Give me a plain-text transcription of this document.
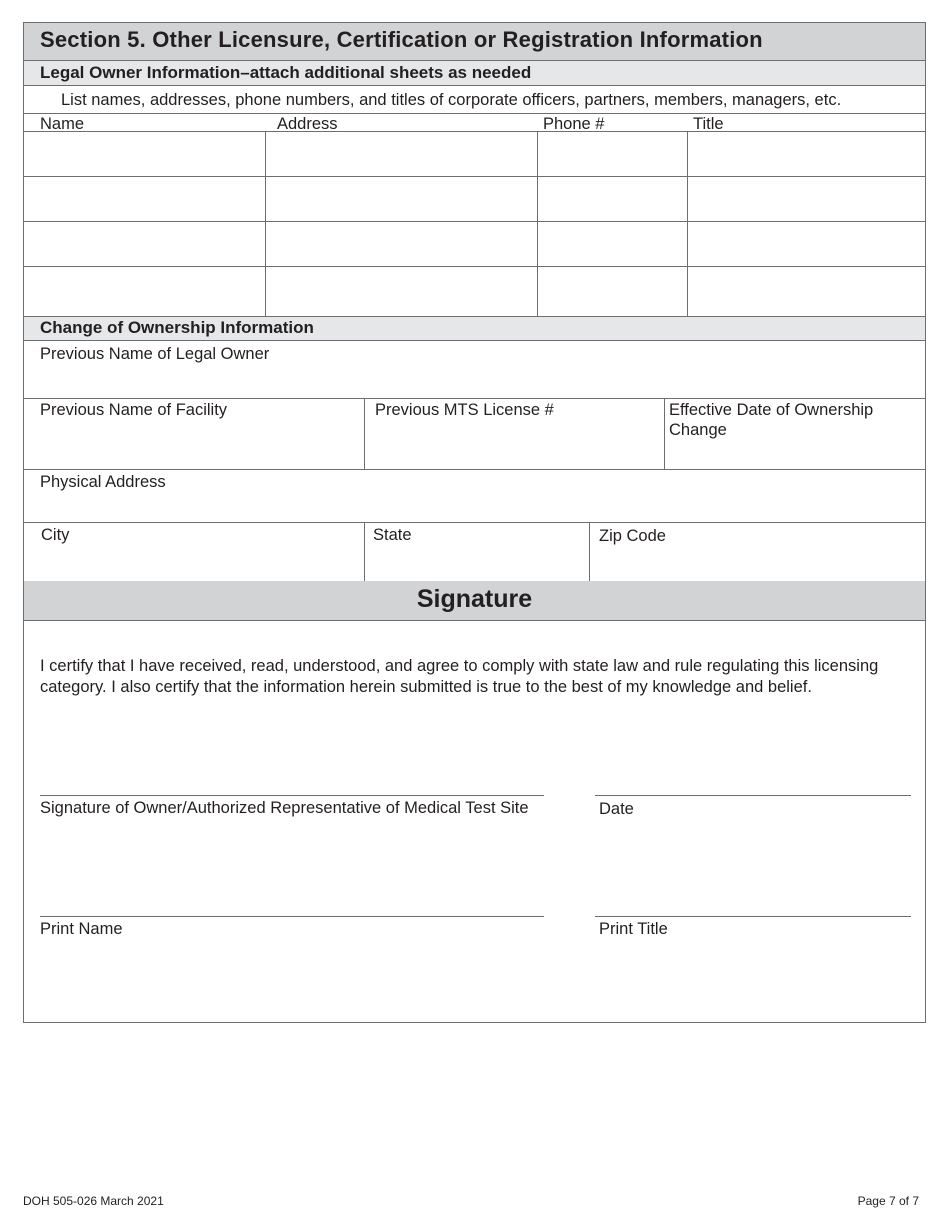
Section 5. Other Licensure, Certification or Registration Information
Legal Owner Information–attach additional sheets as needed
List names, addresses, phone numbers, and titles of corporate officers, partners, members, managers, etc.
Name	Address	Phone #	Title
Change of Ownership Information
Previous Name of Legal Owner
Previous Name of Facility	Previous MTS License #	Effective Date of Ownership
Change
Physical Address
City	State	Zip Code
Signature
I certify that I have received, read, understood, and agree to comply with state law and rule regulating this licensing
category. I also certify that the information herein submitted is true to the best of my knowledge and belief.
Signature of Owner/Authorized Representative of Medical Test Site	Date
Print Name	Print Title
DOH 505-026 March 2021	Page 7 of 7
